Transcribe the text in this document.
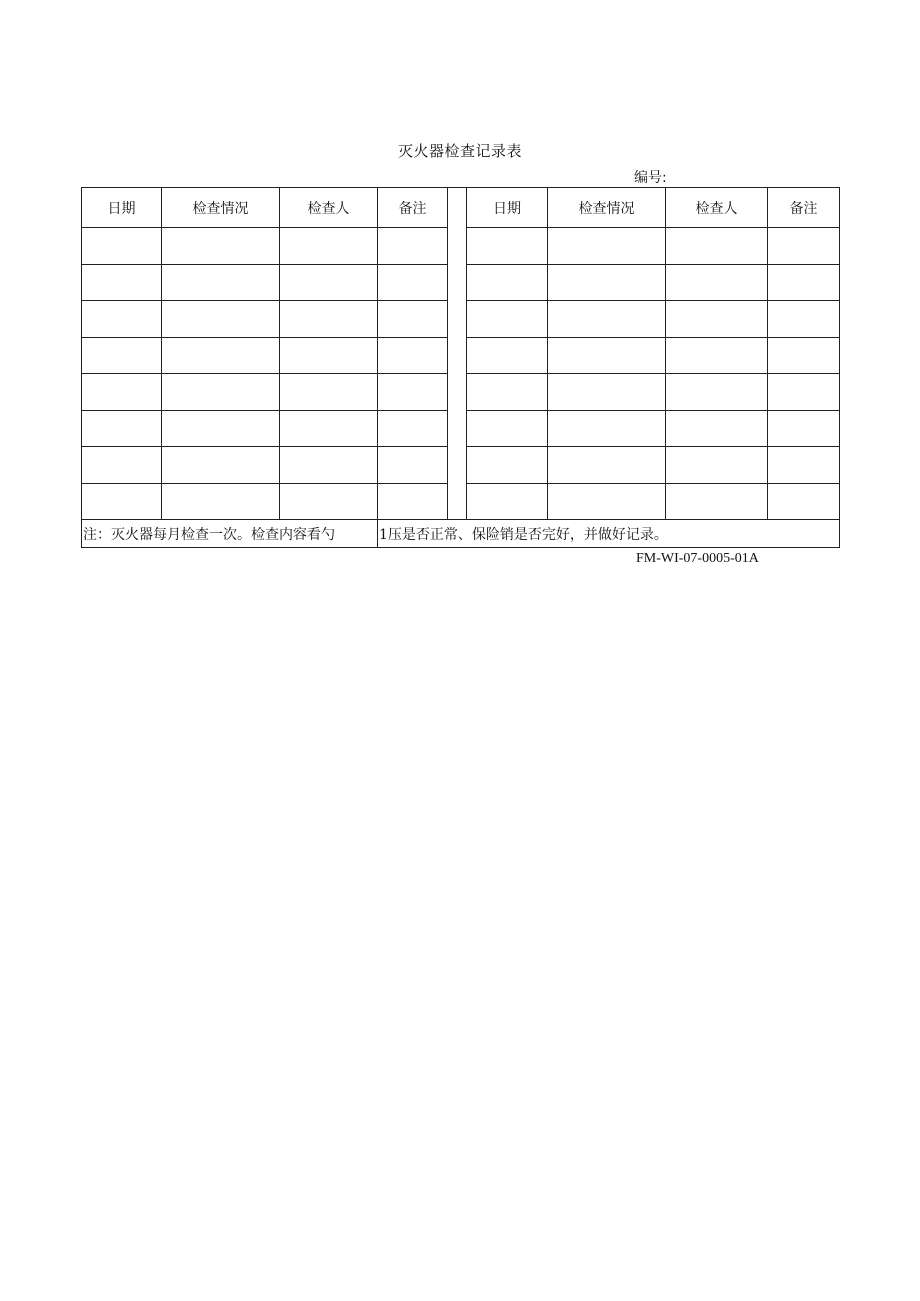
灭火器检查记录表
编号:
日期	检查情况	检查人	备注		日期	检查情况	检查人	备注

注：灭火器每月检查一次。检查内容看勺			1压是否正常、保险销是否完好，并做好记录。					
FM-WI-07-0005-01A
